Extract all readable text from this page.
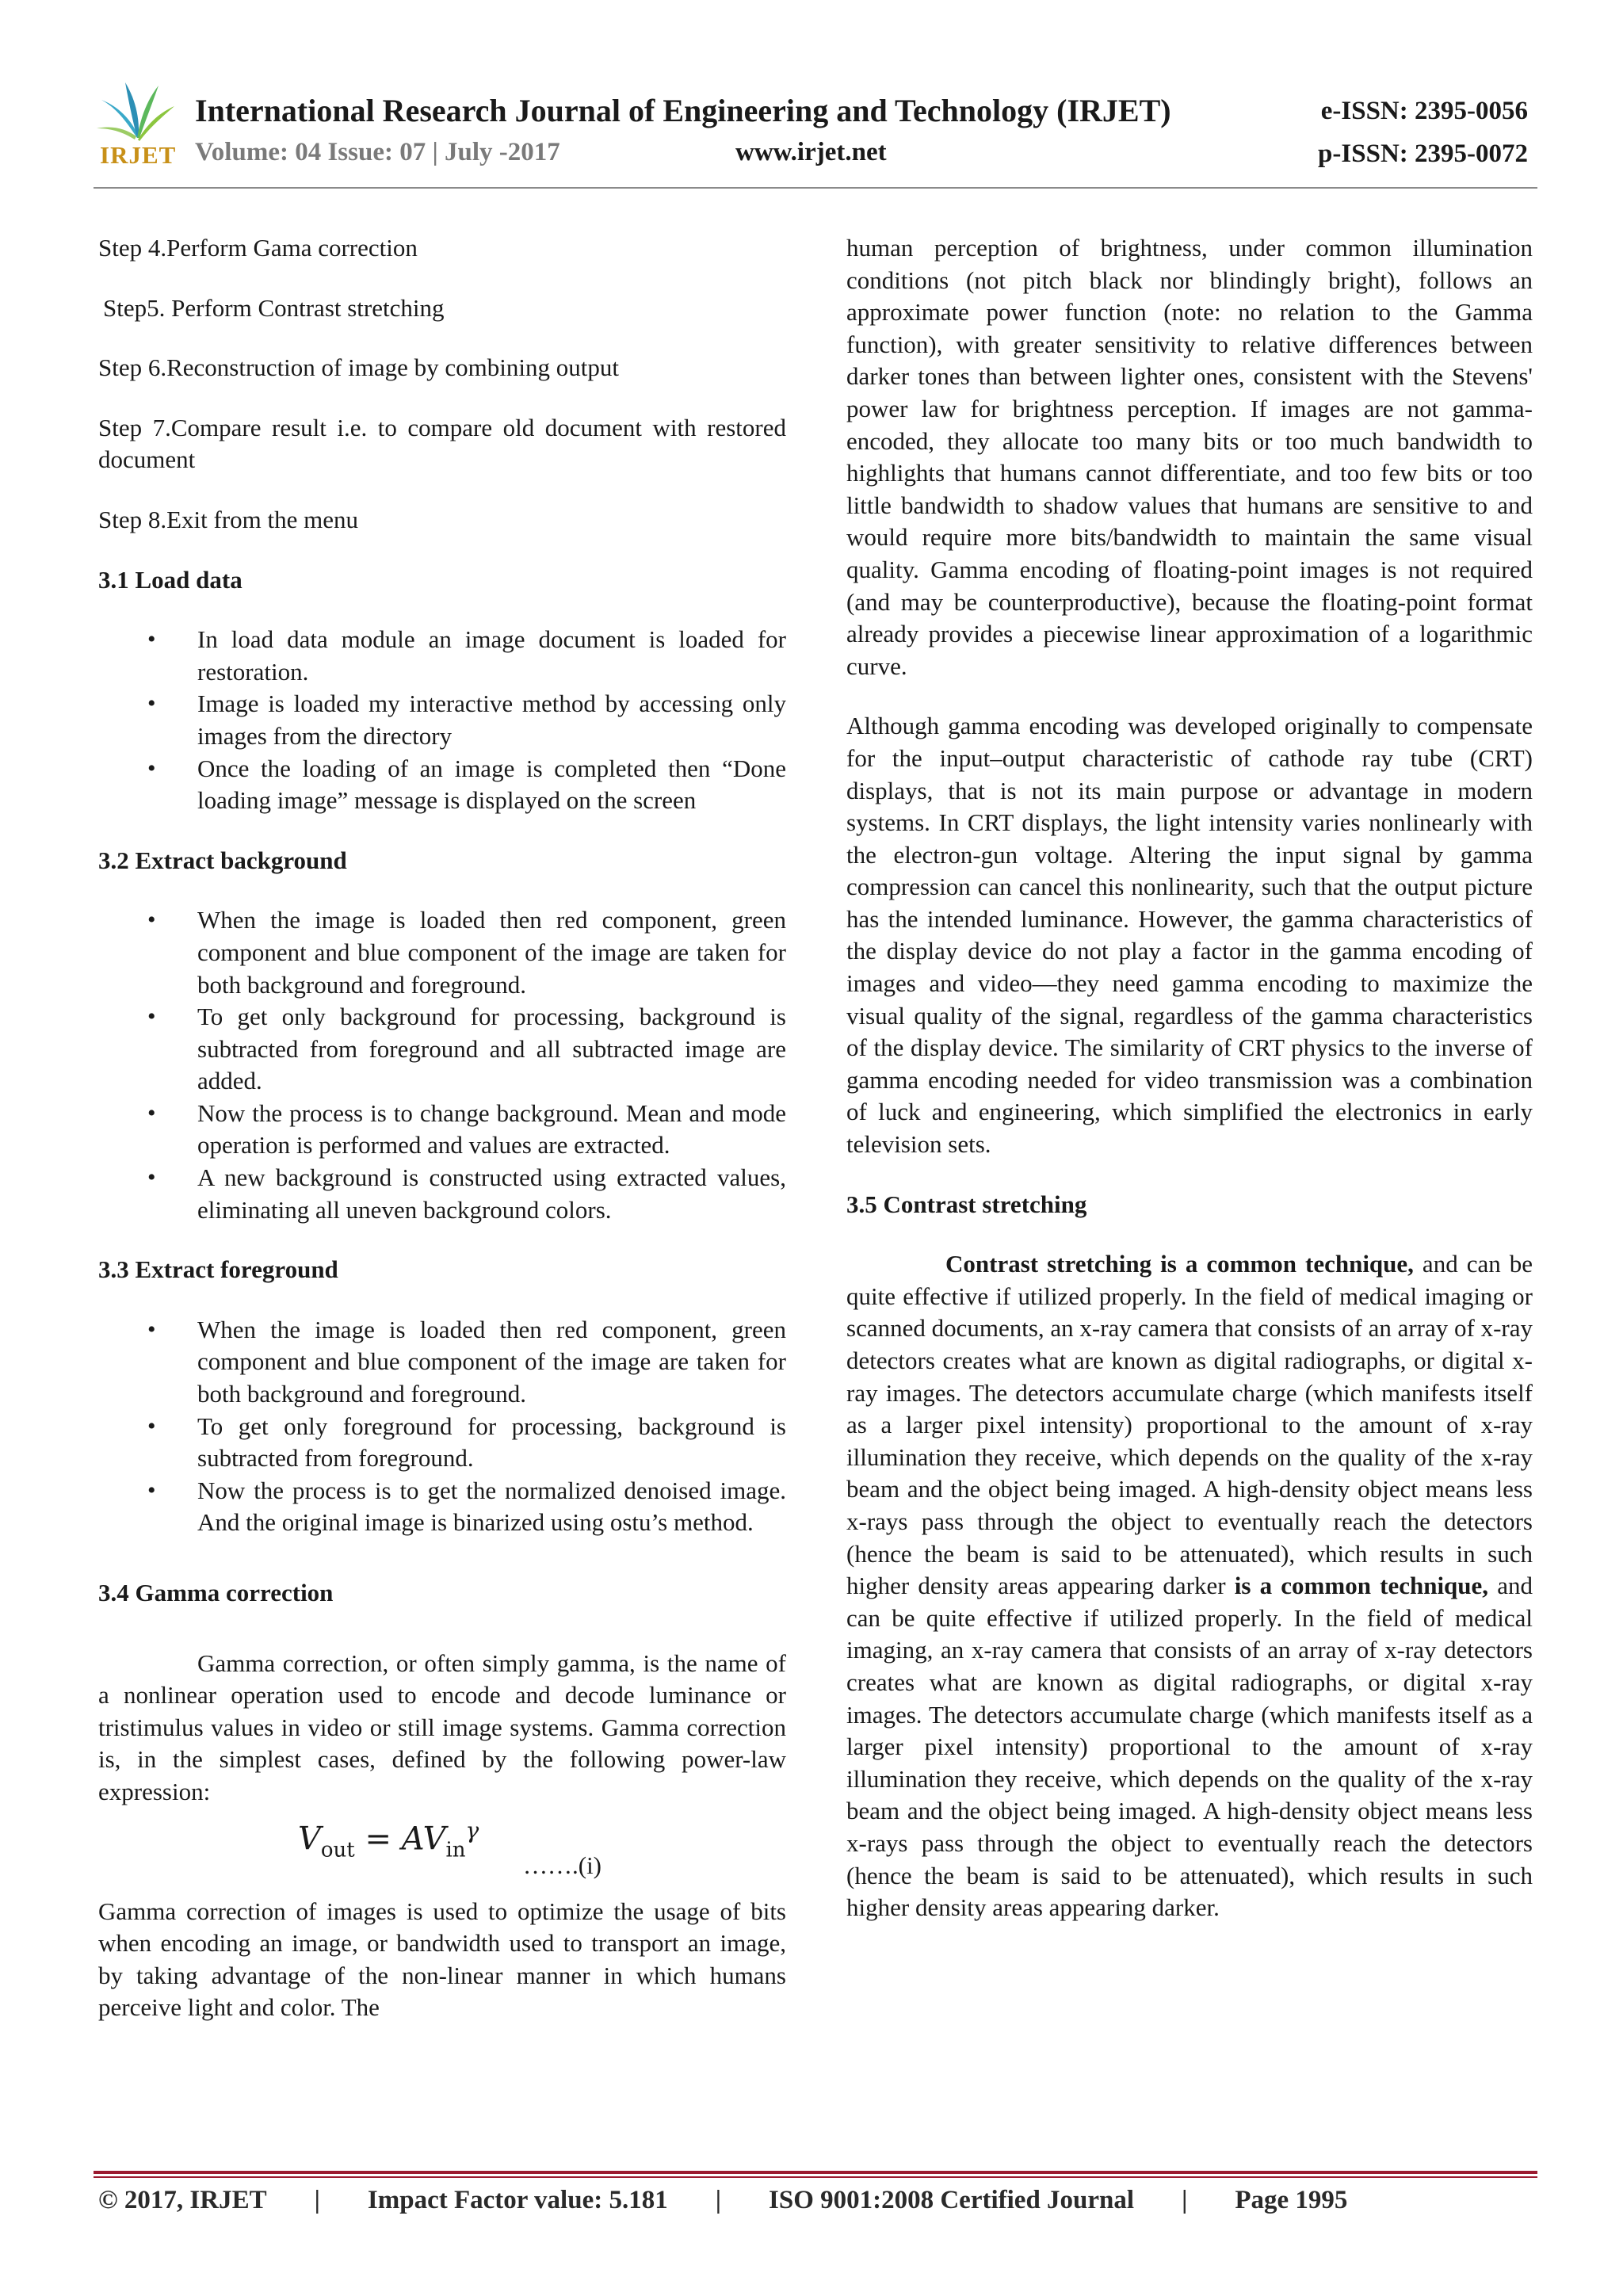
IRJET
International Research Journal of Engineering and Technology (IRJET)
Volume: 04 Issue: 07 | July -2017	www.irjet.net
e-ISSN: 2395-0056
p-ISSN: 2395-0072

Step 4.Perform Gama correction

Step5. Perform Contrast stretching

Step 6.Reconstruction of image by combining output

Step 7.Compare result i.e. to compare old document with restored document

Step 8.Exit from the menu

3.1 Load data
• In load data module an image document is loaded for restoration.
• Image is loaded my interactive method by accessing only images from the directory
• Once the loading of an image is completed then “Done loading image” message is displayed on the screen
3.2 Extract background
• When the image is loaded then red component, green component and blue component of the image are taken for both background and foreground.
• To get only background for processing, background is subtracted from foreground and all subtracted image are added.
• Now the process is to change background. Mean and mode operation is performed and values are extracted.
• A new background is constructed using extracted values, eliminating all uneven background colors.
3.3 Extract foreground
• When the image is loaded then red component, green component and blue component of the image are taken for both background and foreground.
• To get only foreground for processing, background is subtracted from foreground.
• Now the process is to get the normalized denoised image. And the original image is binarized using ostu’s method.
3.4 Gamma correction

Gamma correction, or often simply gamma, is the name of a nonlinear operation used to encode and decode luminance or tristimulus values in video or still image systems. Gamma correction is, in the simplest cases, defined by the following power-law expression:

$V_{out} = AV_{in}^\gamma$
…….(i)

Gamma correction of images is used to optimize the usage of bits when encoding an image, or bandwidth used to transport an image, by taking advantage of the non-linear manner in which humans perceive light and color. The

human perception of brightness, under common illumination conditions (not pitch black nor blindingly bright), follows an approximate power function (note: no relation to the Gamma function), with greater sensitivity to relative differences between darker tones than between lighter ones, consistent with the Stevens' power law for brightness perception. If images are not gamma-encoded, they allocate too many bits or too much bandwidth to highlights that humans cannot differentiate, and too few bits or too little bandwidth to shadow values that humans are sensitive to and would require more bits/bandwidth to maintain the same visual quality. Gamma encoding of floating-point images is not required (and may be counterproductive), because the floating-point format already provides a piecewise linear approximation of a logarithmic curve.

Although gamma encoding was developed originally to compensate for the input–output characteristic of cathode ray tube (CRT) displays, that is not its main purpose or advantage in modern systems. In CRT displays, the light intensity varies nonlinearly with the electron-gun voltage. Altering the input signal by gamma compression can cancel this nonlinearity, such that the output picture has the intended luminance. However, the gamma characteristics of the display device do not play a factor in the gamma encoding of images and video—they need gamma encoding to maximize the visual quality of the signal, regardless of the gamma characteristics of the display device. The similarity of CRT physics to the inverse of gamma encoding needed for video transmission was a combination of luck and engineering, which simplified the electronics in early television sets.

3.5 Contrast stretching

Contrast stretching is a common technique, and can be quite effective if utilized properly. In the field of medical imaging or scanned documents, an x-ray camera that consists of an array of x-ray detectors creates what are known as digital radiographs, or digital x-ray images. The detectors accumulate charge (which manifests itself as a larger pixel intensity) proportional to the amount of x-ray illumination they receive, which depends on the quality of the x-ray beam and the object being imaged. A high-density object means less x-rays pass through the object to eventually reach the detectors (hence the beam is said to be attenuated), which results in such higher density areas appearing darker is a common technique, and can be quite effective if utilized properly. In the field of medical imaging, an x-ray camera that consists of an array of x-ray detectors creates what are known as digital radiographs, or digital x-ray images. The detectors accumulate charge (which manifests itself as a larger pixel intensity) proportional to the amount of x-ray illumination they receive, which depends on the quality of the x-ray beam and the object being imaged. A high-density object means less x-rays pass through the object to eventually reach the detectors (hence the beam is said to be attenuated), which results in such higher density areas appearing darker.

© 2017, IRJET | Impact Factor value: 5.181 | ISO 9001:2008 Certified Journal | Page 1995
